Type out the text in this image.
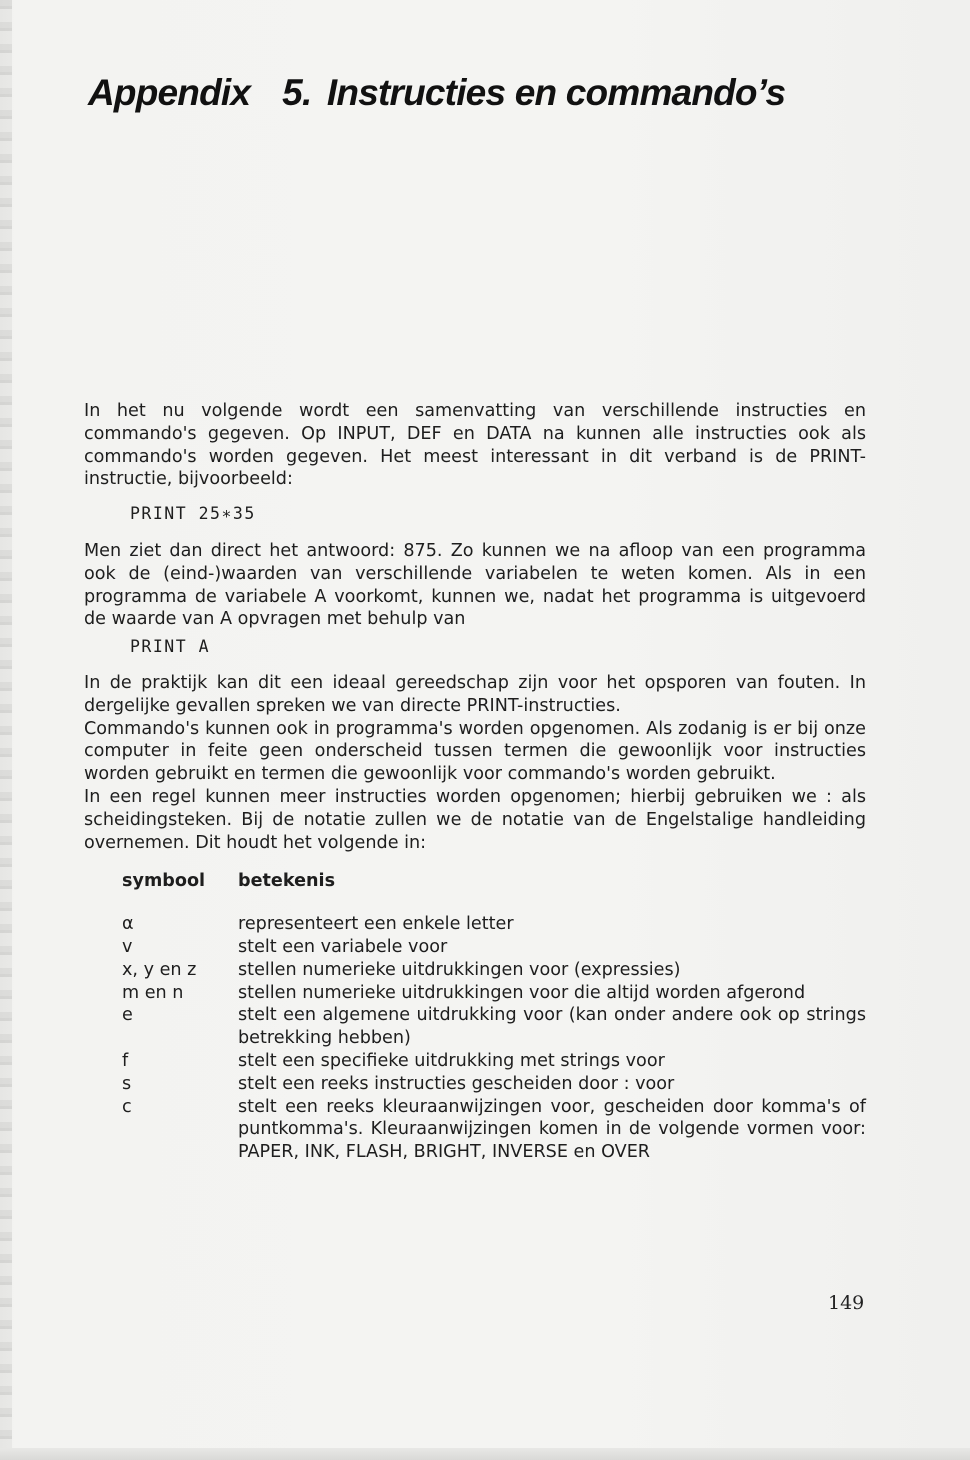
Appendix 5. Instructies en commando’s

In het nu volgende wordt een samenvatting van verschillende instructies en commando's gegeven. Op INPUT, DEF en DATA na kunnen alle instructies ook als commando's worden gegeven. Het meest interessant in dit verband is de PRINT-instructie, bijvoorbeeld:

PRINT 25∗35

Men ziet dan direct het antwoord: 875. Zo kunnen we na afloop van een programma ook de (eind-)waarden van verschillende variabelen te weten komen. Als in een programma de variabele A voorkomt, kunnen we, nadat het programma is uitgevoerd de waarde van A opvragen met behulp van

PRINT A

In de praktijk kan dit een ideaal gereedschap zijn voor het opsporen van fouten. In dergelijke gevallen spreken we van directe PRINT-instructies.

Commando's kunnen ook in programma's worden opgenomen. Als zodanig is er bij onze computer in feite geen onderscheid tussen termen die gewoonlijk voor instructies worden gebruikt en termen die gewoonlijk voor commando's worden gebruikt.

In een regel kunnen meer instructies worden opgenomen; hierbij gebruiken we : als scheidingsteken. Bij de notatie zullen we de notatie van de Engelstalige handleiding overnemen. Dit houdt het volgende in:

symbool	betekenis
α	representeert een enkele letter
v	stelt een variabele voor
x, y en z	stellen numerieke uitdrukkingen voor (expressies)
m en n	stellen numerieke uitdrukkingen voor die altijd worden afgerond
e	stelt een algemene uitdrukking voor (kan onder andere ook op strings betrekking hebben)
f	stelt een specifieke uitdrukking met strings voor
s	stelt een reeks instructies gescheiden door : voor
c	stelt een reeks kleuraanwijzingen voor, gescheiden door komma's of puntkomma's. Kleuraanwijzingen komen in de volgende vormen voor: PAPER, INK, FLASH, BRIGHT, INVERSE en OVER
149
